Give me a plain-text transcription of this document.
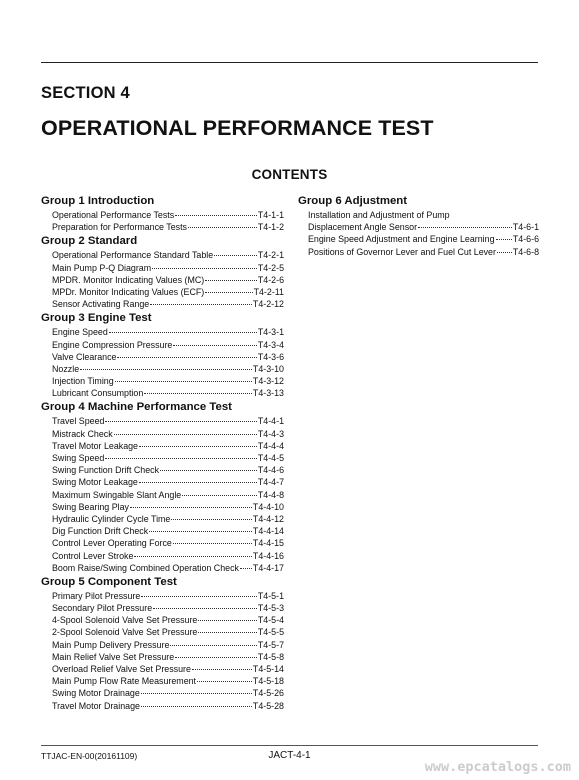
SECTION 4
OPERATIONAL PERFORMANCE TEST
CONTENTS
Group 1 Introduction
Operational Performance Tests	T4-1-1
Preparation for Performance Tests	T4-1-2
Group 2 Standard
Operational Performance Standard Table	T4-2-1
Main Pump P-Q Diagram	T4-2-5
MPDR. Monitor Indicating Values (MC)	T4-2-6
MPDr. Monitor Indicating Values (ECF)	T4-2-11
Sensor Activating Range	T4-2-12
Group 3 Engine Test
Engine Speed	T4-3-1
Engine Compression Pressure	T4-3-4
Valve Clearance	T4-3-6
Nozzle	T4-3-10
Injection Timing	T4-3-12
Lubricant Consumption	T4-3-13
Group 4 Machine Performance Test
Travel Speed	T4-4-1
Mistrack Check	T4-4-3
Travel Motor Leakage	T4-4-4
Swing Speed	T4-4-5
Swing Function Drift Check	T4-4-6
Swing Motor Leakage	T4-4-7
Maximum Swingable Slant Angle	T4-4-8
Swing Bearing Play	T4-4-10
Hydraulic Cylinder Cycle Time	T4-4-12
Dig Function Drift Check	T4-4-14
Control Lever Operating Force	T4-4-15
Control Lever Stroke	T4-4-16
Boom Raise/Swing Combined Operation Check T4-4-17
Group 5 Component Test
Primary Pilot Pressure	T4-5-1
Secondary Pilot Pressure	T4-5-3
4-Spool Solenoid Valve Set Pressure	T4-5-4
2-Spool Solenoid Valve Set Pressure	T4-5-5
Main Pump Delivery Pressure	T4-5-7
Main Relief Valve Set Pressure	T4-5-8
Overload Relief Valve Set Pressure	T4-5-14
Main Pump Flow Rate Measurement	T4-5-18
Swing Motor Drainage	T4-5-26
Travel Motor Drainage	T4-5-28
Group 6 Adjustment
Installation and Adjustment of Pump
Displacement Angle Sensor	T4-6-1
Engine Speed Adjustment and Engine Learning T4-6-6
Positions of Governor Lever and Fuel Cut Lever T4-6-8
TTJAC-EN-00(20161109)	JACT-4-1
www.epcatalogs.com
